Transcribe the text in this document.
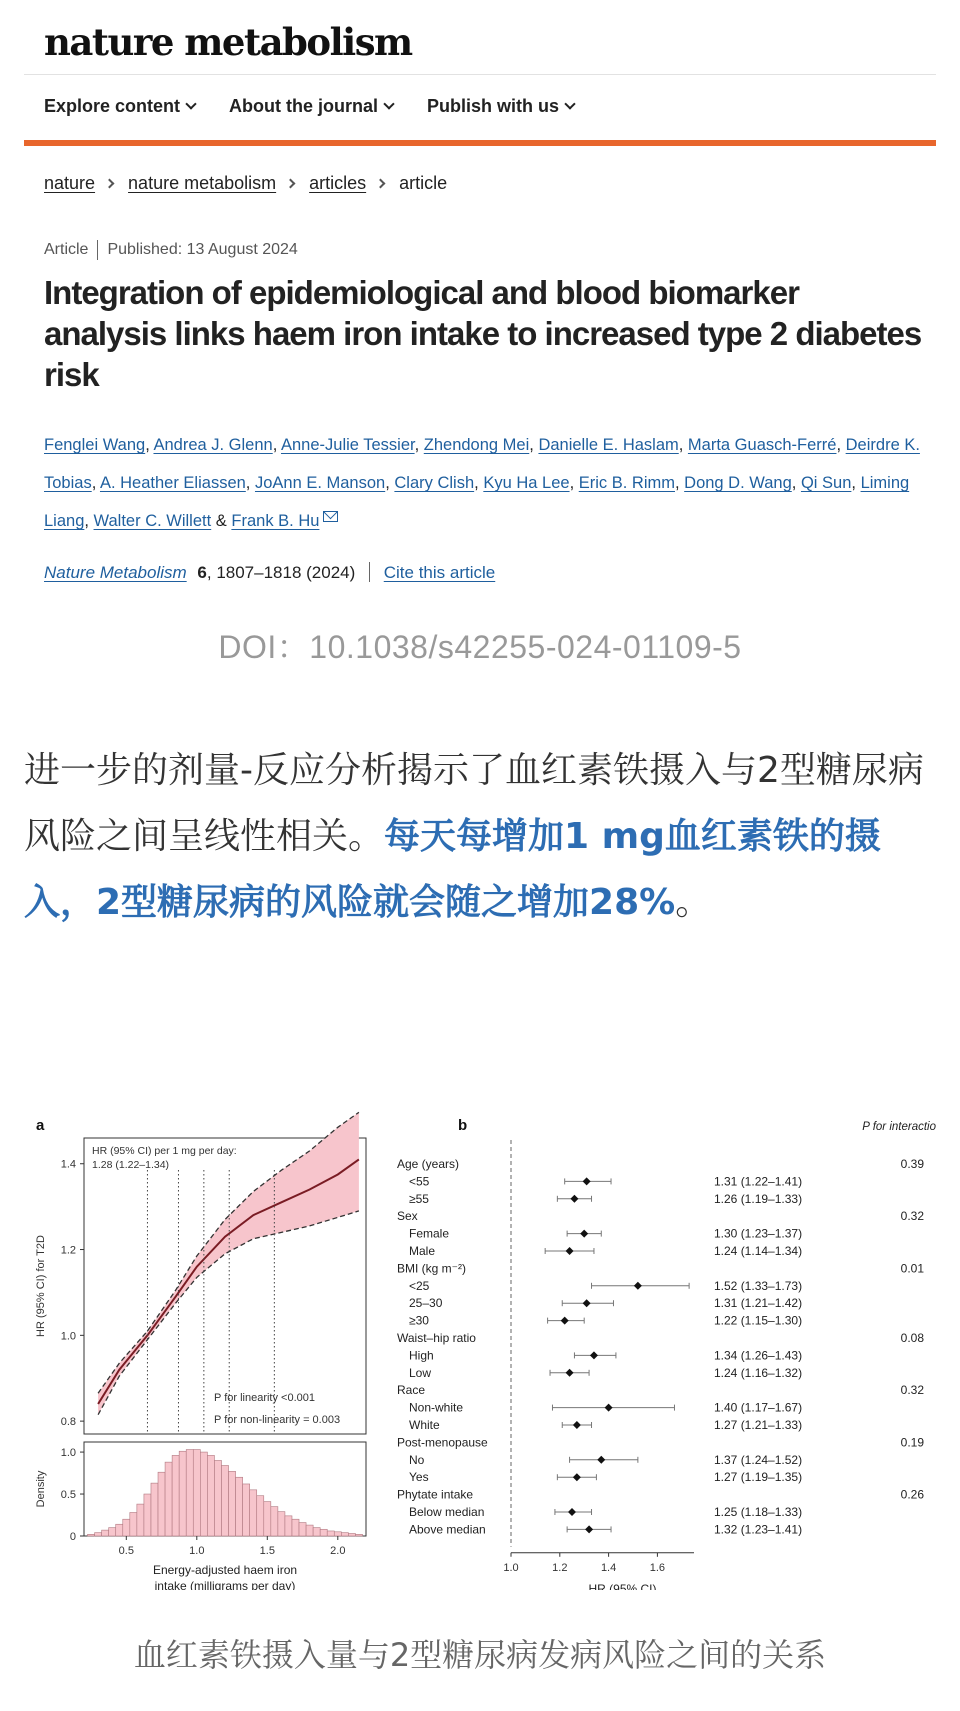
nature metabolism
Explore content	About the journal	Publish with us
nature nature metabolism articles article
Article Published: 13 August 2024
Integration of epidemiological and blood biomarker analysis links haem iron intake to increased type 2 diabetes risk
Fenglei Wang, Andrea J. Glenn, Anne-Julie Tessier, Zhendong Mei, Danielle E. Haslam, Marta Guasch-Ferré, Deirdre K. Tobias, A. Heather Eliassen, JoAnn E. Manson, Clary Clish, Kyu Ha Lee, Eric B. Rimm, Dong D. Wang, Qi Sun, Liming Liang, Walter C. Willett & Frank B. Hu
Nature Metabolism 6, 1807–1818 (2024) Cite this article
DOI：10.1038/s42255-024-01109-5
进一步的剂量-反应分析揭示了血红素铁摄入与2型糖尿病风险之间呈线性相关。每天每增加1 mg血红素铁的摄入，2型糖尿病的风险就会随之增加28%。
a	b
0.8
1.0
1.2
1.4
HR (95% CI) for T2D
HR (95% CI) per 1 mg per day:
1.28 (1.22–1.34)
P for linearity <0.001
P for non-linearity = 0.003
0
0.5
1.0
Density
0.5	1.0	1.5	2.0
Energy-adjusted haem iron
intake (milligrams per day)
P for interactio
Age (years)	0.39
<55	1.31 (1.22–1.41)
≥55	1.26 (1.19–1.33)
Sex	0.32
Female	1.30 (1.23–1.37)
Male	1.24 (1.14–1.34)
BMI (kg m⁻²)	0.01
<25	1.52 (1.33–1.73)
25–30	1.31 (1.21–1.42)
≥30	1.22 (1.15–1.30)
Waist–hip ratio	0.08
High	1.34 (1.26–1.43)
Low	1.24 (1.16–1.32)
Race	0.32
Non-white	1.40 (1.17–1.67)
White	1.27 (1.21–1.33)
Post-menopause	0.19
No	1.37 (1.24–1.52)
Yes	1.27 (1.19–1.35)
Phytate intake	0.26
Below median	1.25 (1.18–1.33)
Above median	1.32 (1.23–1.41)
1.0	1.2	1.4	1.6
HR (95% CI)
血红素铁摄入量与2型糖尿病发病风险之间的关系
